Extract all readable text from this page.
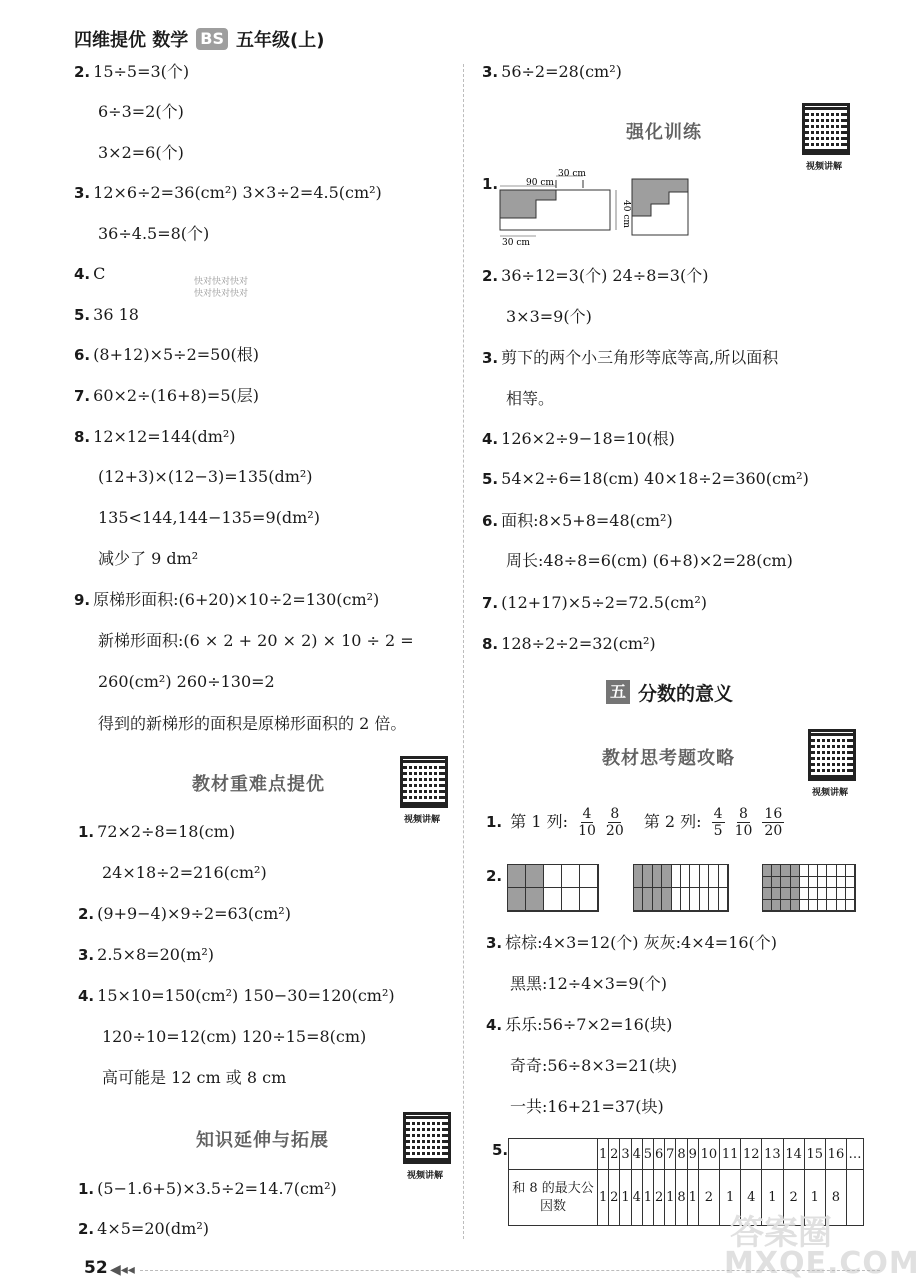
四维提优 数学 BS 五年级(上)
2. 15÷5=3(个)
6÷3=2(个)
3×2=6(个)
3. 12×6÷2=36(cm²) 3×3÷2=4.5(cm²)
36÷4.5=8(个)
4. C
5. 36 18
6. (8+12)×5÷2=50(根)
7. 60×2÷(16+8)=5(层)
8. 12×12=144(dm²)
(12+3)×(12−3)=135(dm²)
135<144,144−135=9(dm²)
减少了 9 dm²
9. 原梯形面积:(6+20)×10÷2=130(cm²)
新梯形面积:(6 × 2 + 20 × 2) × 10 ÷ 2 =
260(cm²) 260÷130=2
得到的新梯形的面积是原梯形面积的 2 倍。
1. 72×2÷8=18(cm)
24×18÷2=216(cm²)
2. (9+9−4)×9÷2=63(cm²)
3. 2.5×8=20(m²)
4. 15×10=150(cm²) 150−30=120(cm²)
120÷10=12(cm) 120÷15=8(cm)
高可能是 12 cm 或 8 cm
1. (5−1.6+5)×3.5÷2=14.7(cm²)
2. 4×5=20(dm²)
教材重难点提优
视频讲解
知识延伸与拓展
视频讲解
3. 56÷2=28(cm²)
强化训练
视频讲解
1.	90 cm
30 cm
40 cm
30 cm
2. 36÷12=3(个) 24÷8=3(个)
3×3=9(个)
3. 剪下的两个小三角形等底等高,所以面积
相等。
4. 126×2÷9−18=10(根)
5. 54×2÷6=18(cm) 40×18÷2=360(cm²)
6. 面积:8×5+8=48(cm²)
周长:48÷8=6(cm) (6+8)×2=28(cm)
7. (12+17)×5÷2=72.5(cm²)
8. 128÷2÷2=32(cm²)
五 分数的意义
教材思考题攻略
视频讲解
1. 第 1 列: $\frac{4}{10} \frac{8}{20}$ 第 2 列: $\frac{4}{5} \frac{8}{10} \frac{16}{20}$
2.
3. 棕棕:4×3=12(个) 灰灰:4×4=16(个)
黑黑:12÷4×3=9(个)
4. 乐乐:56÷7×2=16(块)
奇奇:56÷8×3=21(块)
一共:16+21=37(块)
5.
		1	2	3	4	5	6	7	8	9	10	11	12	13	14	15	16	…
和 8 的最大公因数	1	2	1	4	1	2	1	8	1	2	1	4	1	2	1	8	
快对快对快对
快对快对快对
答案圈
MXQE.COM
52 ◀◂◂
